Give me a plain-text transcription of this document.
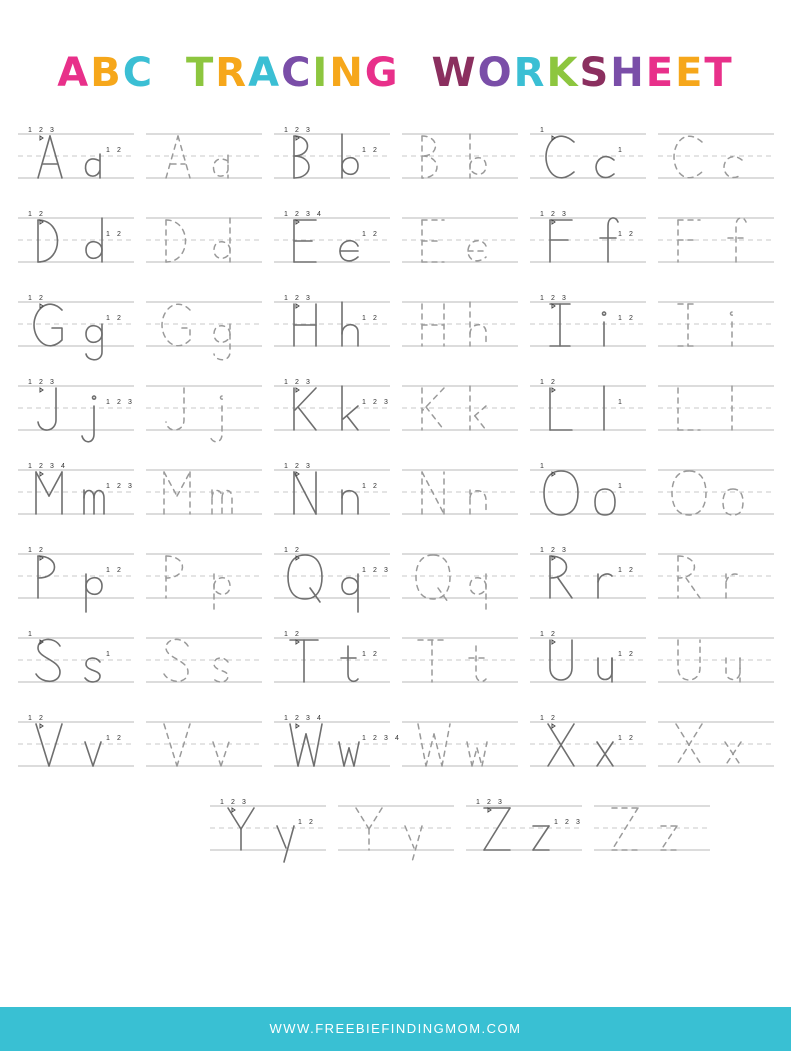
ABC TRACING WORKSHEET
1 2 3
1 2
1 2 3
1 2
1
1
1 2
1 2
1 2 3 4
1 2
1 2 3
1 2
1 2
1 2
1 2 3
1 2
1 2 3
1 2
1 2 3
1 2 3
1 2 3
1 2 3
1 2
1
1 2 3 4
1 2 3
1 2 3
1 2
1
1
1 2
1 2
1 2
1 2 3
1 2 3
1 2
1
1
1 2
1 2
1 2
1 2
1 2
1 2
1 2 3 4
1 2 3 4
1 2
1 2
1 2 3
1 2
1 2 3
1 2 3
WWW.FREEBIEFINDINGMOM.COM
